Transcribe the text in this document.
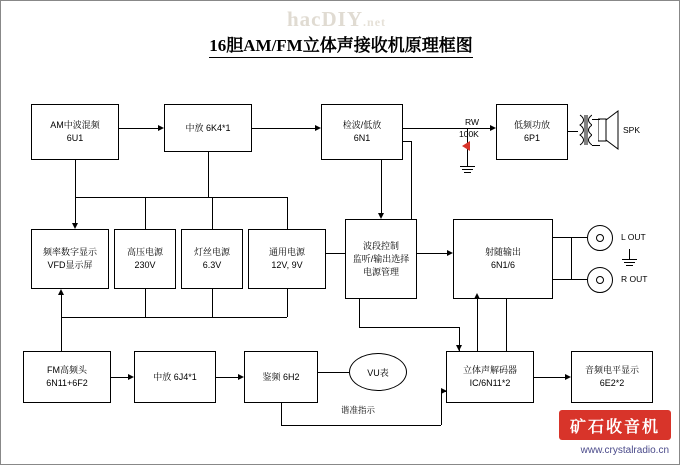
hacDIY.net
16胆AM/FM立体声接收机原理框图
AM中波混频
6U1
中放 6K4*1	检波/低放
6N1
低频功放
6P1
频率数字显示
VFD显示屏
高压电源
230V
灯丝电源
6.3V
通用电源
12V, 9V
波段控制
监听/输出选择
电源管理
射随输出
6N1/6
FM高频头
6N11+6F2
中放 6J4*1	鉴频 6H2
立体声解码器
IC/6N11*2
音频电平显示
6E2*2
VU表
谐准指示
RW
100K	SPK
L OUT
R OUT
矿石收音机
www.crystalradio.cn
